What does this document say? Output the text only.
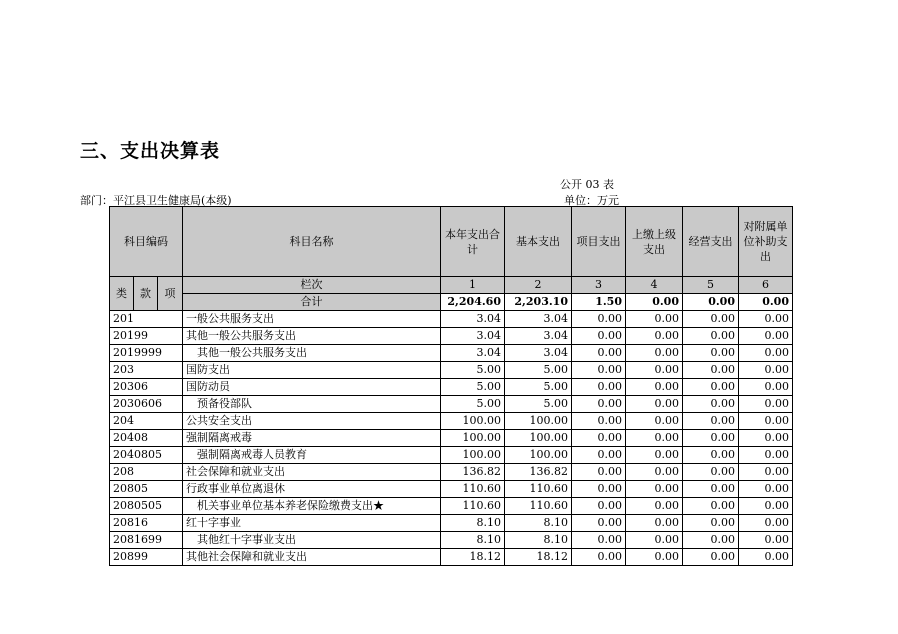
三、支出决算表
公开 03 表
部门：平江县卫生健康局(本级)	单位：万元
科目编码			科目名称	本年支出合计	基本支出	项目支出	上缴上级支出	经营支出	对附属单位补助支出
类	款	项	栏次	1	2	3	4	5	6
			合计	2,204.60	2,203.10	1.50	0.00	0.00	0.00
201			一般公共服务支出	3.04	3.04	0.00	0.00	0.00	0.00
20199			其他一般公共服务支出	3.04	3.04	0.00	0.00	0.00	0.00
2019999			其他一般公共服务支出	3.04	3.04	0.00	0.00	0.00	0.00
203			国防支出	5.00	5.00	0.00	0.00	0.00	0.00
20306			国防动员	5.00	5.00	0.00	0.00	0.00	0.00
2030606			预备役部队	5.00	5.00	0.00	0.00	0.00	0.00
204			公共安全支出	100.00	100.00	0.00	0.00	0.00	0.00
20408			强制隔离戒毒	100.00	100.00	0.00	0.00	0.00	0.00
2040805			强制隔离戒毒人员教育	100.00	100.00	0.00	0.00	0.00	0.00
208			社会保障和就业支出	136.82	136.82	0.00	0.00	0.00	0.00
20805			行政事业单位离退休	110.60	110.60	0.00	0.00	0.00	0.00
2080505			机关事业单位基本养老保险缴费支出★	110.60	110.60	0.00	0.00	0.00	0.00
20816			红十字事业	8.10	8.10	0.00	0.00	0.00	0.00
2081699			其他红十字事业支出	8.10	8.10	0.00	0.00	0.00	0.00
20899			其他社会保障和就业支出	18.12	18.12	0.00	0.00	0.00	0.00
